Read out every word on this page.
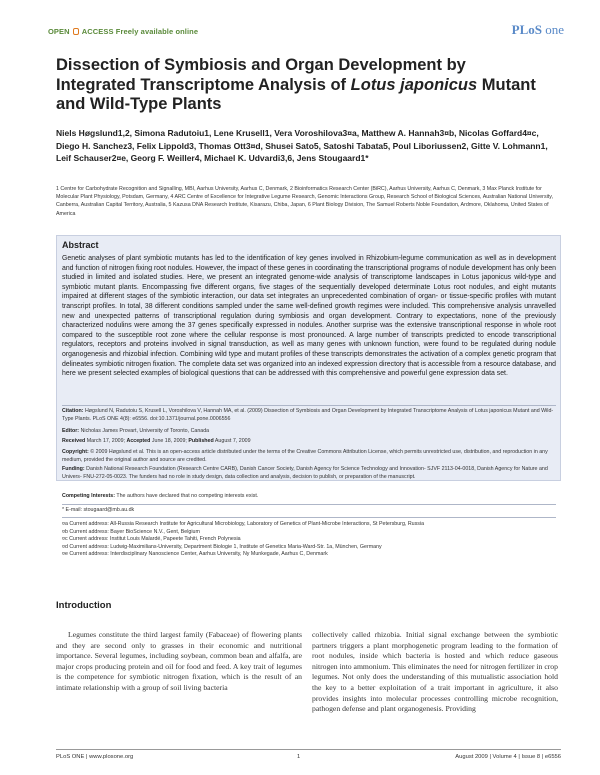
OPEN ACCESS Freely available online	PLoS one
Dissection of Symbiosis and Organ Development by Integrated Transcriptome Analysis of Lotus japonicus Mutant and Wild-Type Plants
Niels Høgslund1,2, Simona Radutoiu1, Lene Krusell1, Vera Voroshilova3¤a, Matthew A. Hannah3¤b, Nicolas Goffard4¤c, Diego H. Sanchez3, Felix Lippold3, Thomas Ott3¤d, Shusei Sato5, Satoshi Tabata5, Poul Liboriussen2, Gitte V. Lohmann1, Leif Schauser2¤e, Georg F. Weiller4, Michael K. Udvardi3,6, Jens Stougaard1*
1 Centre for Carbohydrate Recognition and Signalling, MBI, Aarhus University, Aarhus C, Denmark, 2 Bioinformatics Research Center (BiRC), Aarhus University, Aarhus C, Denmark, 3 Max Planck Institute for Molecular Plant Physiology, Potsdam, Germany, 4 ARC Centre of Excellence for Integrative Legume Research, Genomic Interactions Group, Research School of Biological Sciences, Australian National University, Canberra, Australian Capital Territory, Australia, 5 Kazusa DNA Research Institute, Kisarazu, Chiba, Japan, 6 Plant Biology Division, The Samuel Roberts Noble Foundation, Ardmore, Oklahoma, United States of America
Abstract
Genetic analyses of plant symbiotic mutants has led to the identification of key genes involved in Rhizobium-legume communication as well as in development and function of nitrogen fixing root nodules. However, the impact of these genes in coordinating the transcriptional programs of nodule development has only been studied in limited and isolated studies. Here, we present an integrated genome-wide analysis of transcriptome landscapes in Lotus japonicus wild-type and symbiotic mutant plants. Encompassing five different organs, five stages of the sequentially developed determinate Lotus root nodules, and eight mutants impaired at different stages of the symbiotic interaction, our data set integrates an unprecedented combination of organ- or tissue-specific profiles with mutant transcript profiles. In total, 38 different conditions sampled under the same well-defined growth regimes were included. This comprehensive analysis unravelled new and unexpected patterns of transcriptional regulation during symbiosis and organ development. Contrary to expectations, none of the previously characterized nodulins were among the 37 genes specifically expressed in nodules. Another surprise was the extensive transcriptional response in whole root compared to the susceptible root zone where the cellular response is most pronounced. A large number of transcripts predicted to encode transcriptional regulators, receptors and proteins involved in signal transduction, as well as many genes with unknown function, were found to be regulated during nodule organogenesis and rhizobial infection. Combining wild type and mutant profiles of these transcripts demonstrates the activation of a complex genetic program that delineates symbiotic nitrogen fixation. The complete data set was organized into an indexed expression directory that is accessible from a resource database, and here we present selected examples of biological questions that can be addressed with this comprehensive and powerful gene expression data set.
Citation: Høgslund N, Radutoiu S, Krusell L, Voroshilova V, Hannah MA, et al. (2009) Dissection of Symbiosis and Organ Development by Integrated Transcriptome Analysis of Lotus japonicus Mutant and Wild-Type Plants. PLoS ONE 4(8): e6556. doi:10.1371/journal.pone.0006556
Editor: Nicholas James Provart, University of Toronto, Canada
Received March 17, 2009; Accepted June 18, 2009; Published August 7, 2009
Copyright: © 2009 Høgslund et al. This is an open-access article distributed under the terms of the Creative Commons Attribution License, which permits unrestricted use, distribution, and reproduction in any medium, provided the original author and source are credited.
Funding: Danish National Research Foundation (Research Centre CARB), Danish Cancer Society, Danish Agency for Science Technology and Innovation- SJVF 2113-04-0018, Danish Agency for Nature and Univers- FNU-272-05-0023. The funders had no role in study design, data collection and analysis, decision to publish, or preparation of the manuscript.
Competing Interests: The authors have declared that no competing interests exist.
* E-mail: stougaard@mb.au.dk
¤a Current address: All-Russia Research Institute for Agricultural Microbiology, Laboratory of Genetics of Plant-Microbe Interactions, St Petersburg, Russia
¤b Current address: Bayer BioScience N.V., Gent, Belgium
¤c Current address: Institut Louis Malardé, Papeete Tahiti, French Polynesia
¤d Current address: Ludwig-Maximilians-University, Department Biologie 1, Institute of Genetics Maria-Ward-Str. 1a, München, Germany
¤e Current address: Interdisciplinary Nanoscience Center, Aarhus University, Ny Munkegade, Aarhus C, Denmark
Introduction
Legumes constitute the third largest family (Fabaceae) of flowering plants and they are second only to grasses in their economic and nutritional importance. Several legumes, including soybean, common bean and alfalfa, are major crops producing protein and oil for food and feed. A key trait of legumes is the competence for symbiotic nitrogen fixation, which is the result of an intimate relationship with a group of soil living bacteria
collectively called rhizobia. Initial signal exchange between the symbiotic partners triggers a plant morphogenetic program leading to the formation of root nodules, inside which bacteria is hosted and which reduce gaseous nitrogen into ammonium. This eliminates the need for nitrogen fertilizer in crop legumes. Not only does the understanding of this mutualistic association hold the key to a better exploitation of a trait important in agriculture, it also provides insights into molecular processes controlling microbe recognition, pathogen defense and plant organogenesis. Providing
PLoS ONE | www.plosone.org	1	August 2009 | Volume 4 | Issue 8 | e6556
